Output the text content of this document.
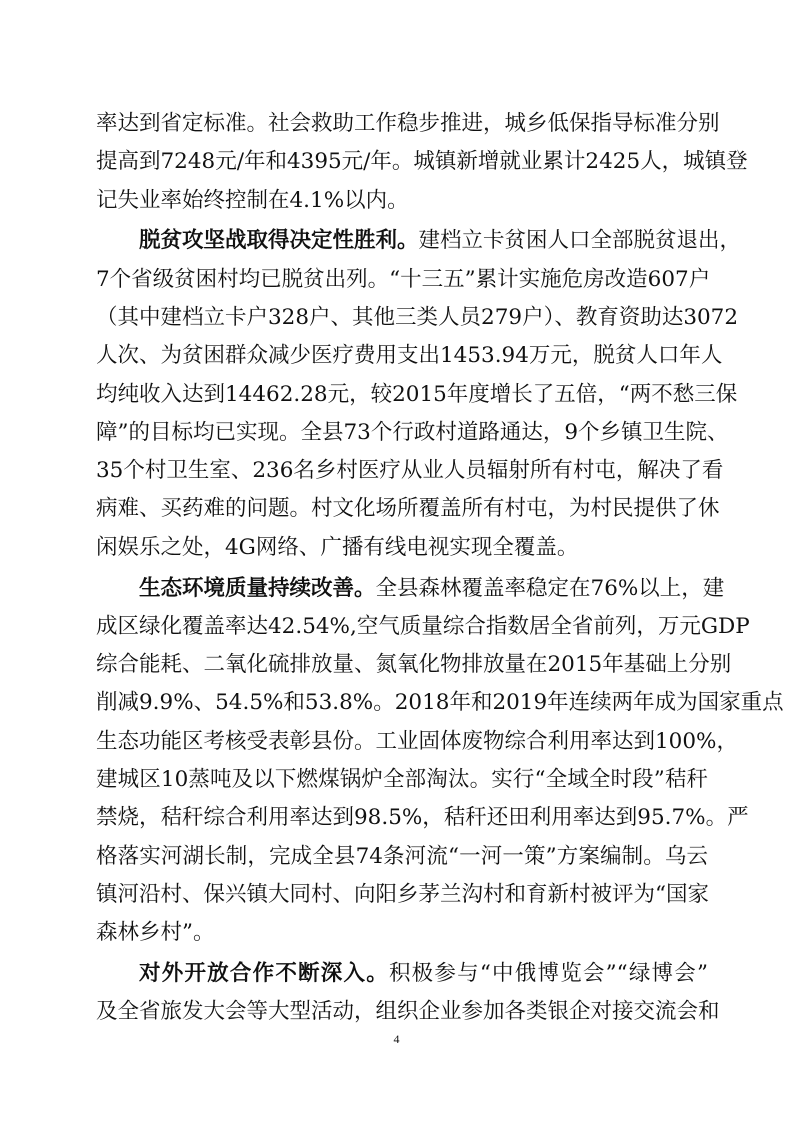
率达到省定标准。社会救助工作稳步推进，城乡低保指导标准分别
提高到7248元/年和4395元/年。城镇新增就业累计2425人，城镇登
记失业率始终控制在4.1%以内。
脱贫攻坚战取得决定性胜利。建档立卡贫困人口全部脱贫退出，
7个省级贫困村均已脱贫出列。“十三五”累计实施危房改造607户
（其中建档立卡户328户、其他三类人员279户）、教育资助达3072
人次、为贫困群众减少医疗费用支出1453.94万元，脱贫人口年人
均纯收入达到14462.28元，较2015年度增长了五倍，“两不愁三保
障”的目标均已实现。全县73个行政村道路通达，9个乡镇卫生院、
35个村卫生室、236名乡村医疗从业人员辐射所有村屯，解决了看
病难、买药难的问题。村文化场所覆盖所有村屯，为村民提供了休
闲娱乐之处，4G网络、广播有线电视实现全覆盖。
生态环境质量持续改善。全县森林覆盖率稳定在76%以上，建
成区绿化覆盖率达42.54%,空气质量综合指数居全省前列，万元GDP
综合能耗、二氧化硫排放量、氮氧化物排放量在2015年基础上分别
削减9.9%、54.5%和53.8%。2018年和2019年连续两年成为国家重点
生态功能区考核受表彰县份。工业固体废物综合利用率达到100%，
建城区10蒸吨及以下燃煤锅炉全部淘汰。实行“全域全时段”秸秆
禁烧，秸秆综合利用率达到98.5%，秸秆还田利用率达到95.7%。严
格落实河湖长制，完成全县74条河流“一河一策”方案编制。乌云
镇河沿村、保兴镇大同村、向阳乡茅兰沟村和育新村被评为“国家
森林乡村”。
对外开放合作不断深入。积极参与“中俄博览会”“绿博会”
及全省旅发大会等大型活动，组织企业参加各类银企对接交流会和
4
